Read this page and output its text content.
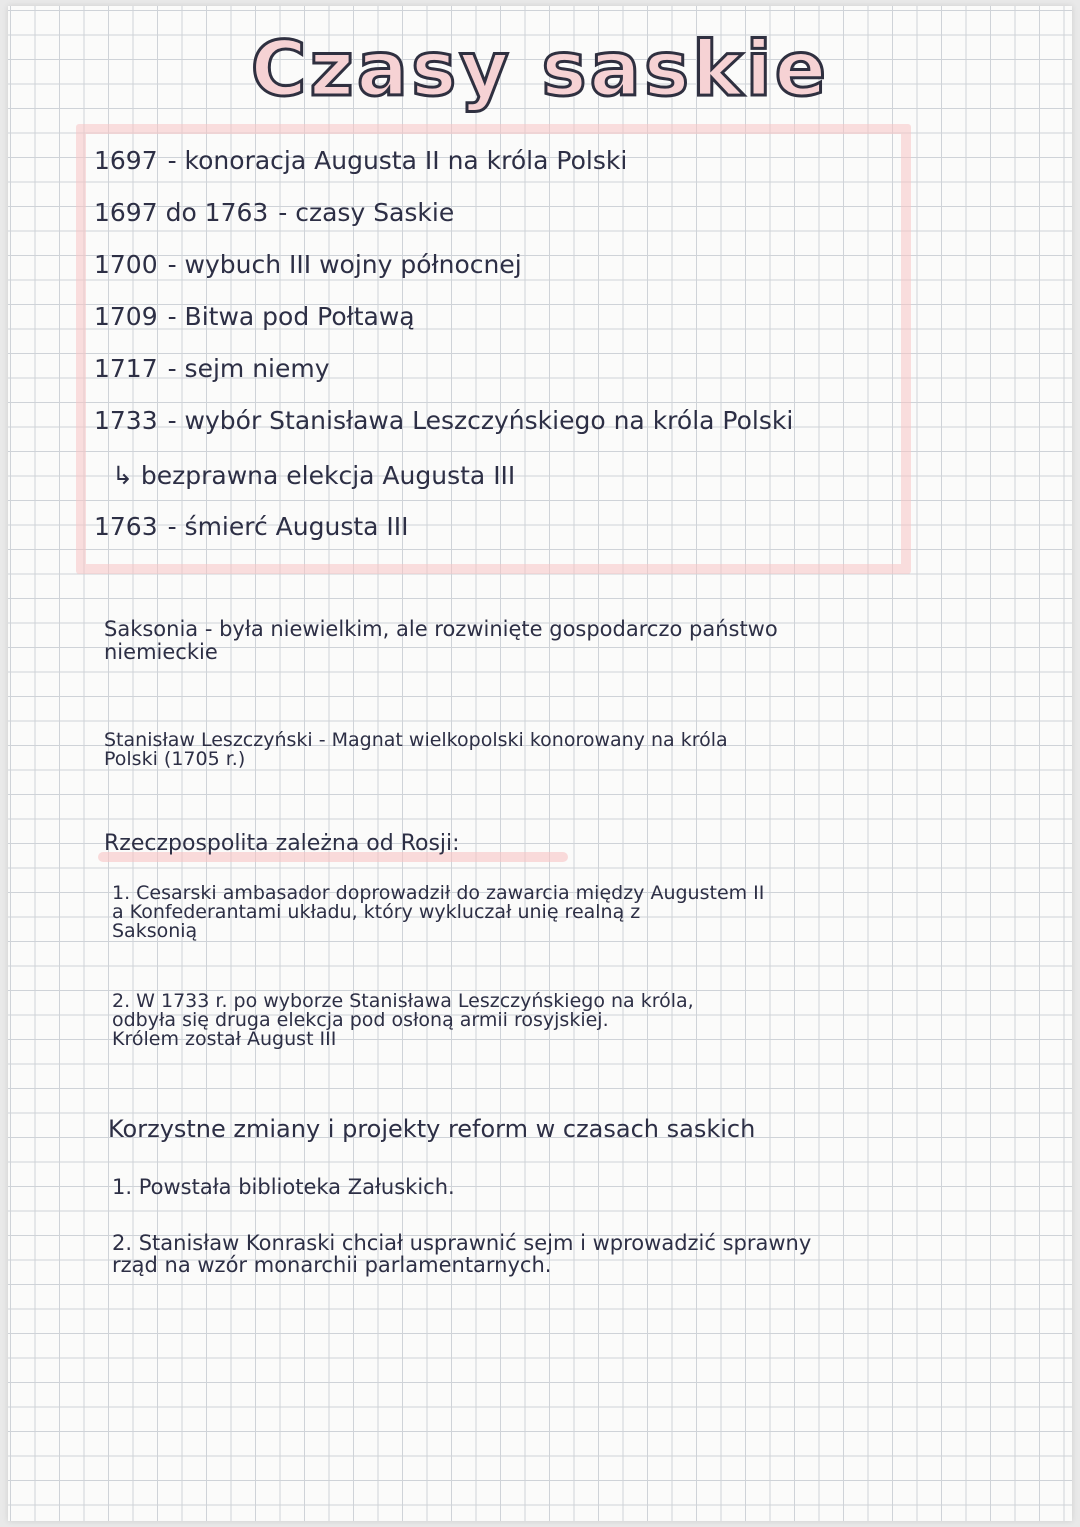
Czasy saskie
1697 - konoracja Augusta II na króla Polski
1697 do 1763 - czasy Saskie
1700 - wybuch III wojny północnej
1709 - Bitwa pod Połtawą
1717 - sejm niemy
1733 - wybór Stanisława Leszczyńskiego na króla Polski
↳ bezprawna elekcja Augusta III
1763 - śmierć Augusta III
Saksonia - była niewielkim, ale rozwinięte gospodarczo państwo
niemieckie
Stanisław Leszczyński - Magnat wielkopolski konorowany na króla
Polski (1705 r.)
Rzeczpospolita zależna od Rosji:
1. Cesarski ambasador doprowadził do zawarcia między Augustem II
a Konfederantami układu, który wykluczał unię realną z
Saksonią
2. W 1733 r. po wyborze Stanisława Leszczyńskiego na króla,
odbyła się druga elekcja pod osłoną armii rosyjskiej.
Królem został August III
Korzystne zmiany i projekty reform w czasach saskich
1. Powstała biblioteka Załuskich.
2. Stanisław Konraski chciał usprawnić sejm i wprowadzić sprawny
rząd na wzór monarchii parlamentarnych.
